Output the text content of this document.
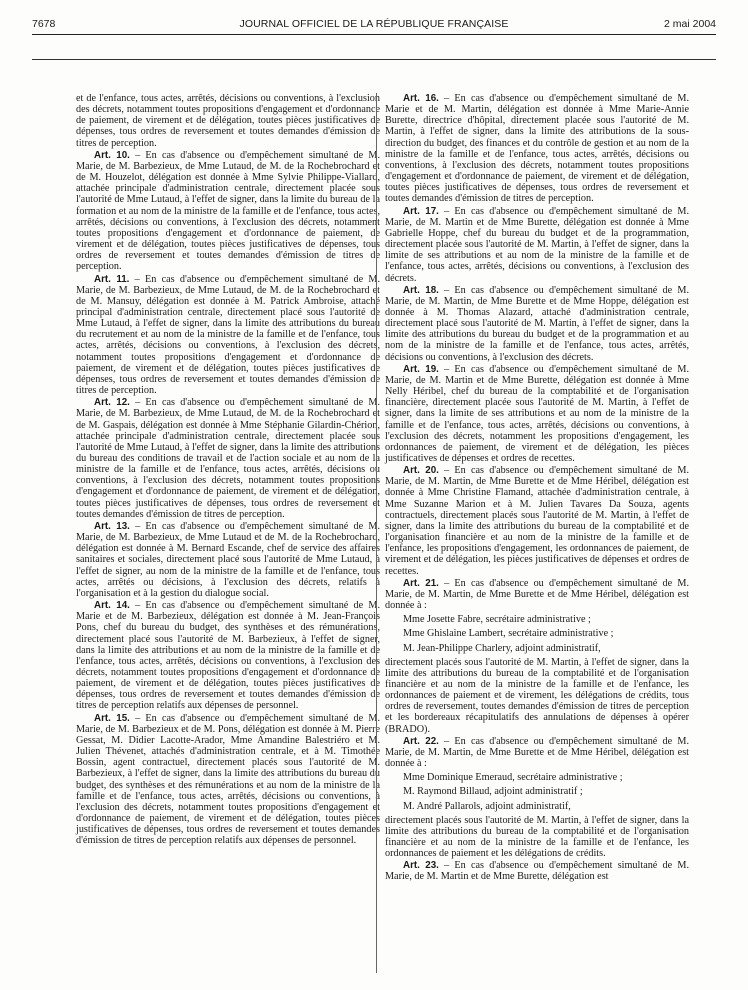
7678	JOURNAL OFFICIEL DE LA RÉPUBLIQUE FRANÇAISE	2 mai 2004

et de l'enfance, tous actes, arrêtés, décisions ou conventions, à l'exclusion des décrets, notamment toutes propositions d'engagement et d'ordonnance de paiement, de virement et de délégation, toutes pièces justificatives de dépenses, tous ordres de reversement et toutes demandes d'émission de titres de perception.

Art. 10. – En cas d'absence ou d'empêchement simultané de M. Marie, de M. Barbezieux, de Mme Lutaud, de M. de la Rochebrochard et de M. Houzelot, délégation est donnée à Mme Sylvie Philippe-Viallard, attachée principale d'administration centrale, directement placée sous l'autorité de Mme Lutaud, à l'effet de signer, dans la limite du bureau de la formation et au nom de la ministre de la famille et de l'enfance, tous actes, arrêtés, décisions ou conventions, à l'exclusion des décrets, notamment toutes propositions d'engagement et d'ordonnance de paiement, de virement et de délégation, toutes pièces justificatives de dépenses, tous ordres de reversement et toutes demandes d'émission de titres de perception.

Art. 11. – En cas d'absence ou d'empêchement simultané de M. Marie, de M. Barbezieux, de Mme Lutaud, de M. de la Rochebrochard et de M. Mansuy, délégation est donnée à M. Patrick Ambroise, attaché principal d'administration centrale, directement placé sous l'autorité de Mme Lutaud, à l'effet de signer, dans la limite des attributions du bureau du recrutement et au nom de la ministre de la famille et de l'enfance, tous actes, arrêtés, décisions ou conventions, à l'exclusion des décrets, notamment toutes propositions d'engagement et d'ordonnance de paiement, de virement et de délégation, toutes pièces justificatives de dépenses, tous ordres de reversement et toutes demandes d'émission de titres de perception.

Art. 12. – En cas d'absence ou d'empêchement simultané de M. Marie, de M. Barbezieux, de Mme Lutaud, de M. de la Rochebrochard et de M. Gaspais, délégation est donnée à Mme Stéphanie Gilardin-Chérion, attachée principale d'administration centrale, directement placée sous l'autorité de Mme Lutaud, à l'effet de signer, dans la limite des attributions du bureau des conditions de travail et de l'action sociale et au nom de la ministre de la famille et de l'enfance, tous actes, arrêtés, décisions ou conventions, à l'exclusion des décrets, notamment toutes propositions d'engagement et d'ordonnance de paiement, de virement et de délégation, toutes pièces justificatives de dépenses, tous ordres de reversement et toutes demandes d'émission de titres de perception.

Art. 13. – En cas d'absence ou d'empêchement simultané de M. Marie, de M. Barbezieux, de Mme Lutaud et de M. de la Rochebrochard, délégation est donnée à M. Bernard Escande, chef de service des affaires sanitaires et sociales, directement placé sous l'autorité de Mme Lutaud, à l'effet de signer, au nom de la ministre de la famille et de l'enfance, tous actes, arrêtés ou décisions, à l'exclusion des décrets, relatifs à l'organisation et à la gestion du dialogue social.

Art. 14. – En cas d'absence ou d'empêchement simultané de M. Marie et de M. Barbezieux, délégation est donnée à M. Jean-François Pons, chef du bureau du budget, des synthèses et des rémunérations, directement placé sous l'autorité de M. Barbezieux, à l'effet de signer, dans la limite des attributions et au nom de la ministre de la famille et de l'enfance, tous actes, arrêtés, décisions ou conventions, à l'exclusion des décrets, notamment toutes propositions d'engagement et d'ordonnance de paiement, de virement et de délégation, toutes pièces justificatives de dépenses, tous ordres de reversement et toutes demandes d'émission de titres de perception relatifs aux dépenses de personnel.

Art. 15. – En cas d'absence ou d'empêchement simultané de M. Marie, de M. Barbezieux et de M. Pons, délégation est donnée à M. Pierre Gessat, M. Didier Lacotte-Arador, Mme Amandine Balestriéro et M. Julien Thévenet, attachés d'administration centrale, et à M. Timothée Bossin, agent contractuel, directement placés sous l'autorité de M. Barbezieux, à l'effet de signer, dans la limite des attributions du bureau du budget, des synthèses et des rémunérations et au nom de la ministre de la famille et de l'enfance, tous actes, arrêtés, décisions ou conventions, à l'exclusion des décrets, notamment toutes propositions d'engagement et d'ordonnance de paiement, de virement et de délégation, toutes pièces justificatives de dépenses, tous ordres de reversement et toutes demandes d'émission de titres de perception relatifs aux dépenses de personnel.

Art. 16. – En cas d'absence ou d'empêchement simultané de M. Marie et de M. Martin, délégation est donnée à Mme Marie-Annie Burette, directrice d'hôpital, directement placée sous l'autorité de M. Martin, à l'effet de signer, dans la limite des attributions de la sous-direction du budget, des finances et du contrôle de gestion et au nom de la ministre de la famille et de l'enfance, tous actes, arrêtés, décisions ou conventions, à l'exclusion des décrets, notamment toutes propositions d'engagement et d'ordonnance de paiement, de virement et de délégation, toutes pièces justificatives de dépenses, tous ordres de reversement et toutes demandes d'émission de titres de perception.

Art. 17. – En cas d'absence ou d'empêchement simultané de M. Marie, de M. Martin et de Mme Burette, délégation est donnée à Mme Gabrielle Hoppe, chef du bureau du budget et de la programmation, directement placée sous l'autorité de M. Martin, à l'effet de signer, dans la limite de ses attributions et au nom de la ministre de la famille et de l'enfance, tous actes, arrêtés, décisions ou conventions, à l'exclusion des décrets.

Art. 18. – En cas d'absence ou d'empêchement simultané de M. Marie, de M. Martin, de Mme Burette et de Mme Hoppe, délégation est donnée à M. Thomas Alazard, attaché d'administration centrale, directement placé sous l'autorité de M. Martin, à l'effet de signer, dans la limite des attributions du bureau du budget et de la programmation et au nom de la ministre de la famille et de l'enfance, tous actes, arrêtés, décisions ou conventions, à l'exclusion des décrets.

Art. 19. – En cas d'absence ou d'empêchement simultané de M. Marie, de M. Martin et de Mme Burette, délégation est donnée à Mme Nelly Héribel, chef du bureau de la comptabilité et de l'organisation financière, directement placée sous l'autorité de M. Martin, à l'effet de signer, dans la limite de ses attributions et au nom de la ministre de la famille et de l'enfance, tous actes, arrêtés, décisions ou conventions, à l'exclusion des décrets, notamment les propositions d'engagement, les ordonnances de paiement, de virement et de délégation, les pièces justificatives de dépenses et ordres de recettes.

Art. 20. – En cas d'absence ou d'empêchement simultané de M. Marie, de M. Martin, de Mme Burette et de Mme Héribel, délégation est donnée à Mme Christine Flamand, attachée d'administration centrale, à Mme Suzanne Marion et à M. Julien Tavares Da Souza, agents contractuels, directement placés sous l'autorité de M. Martin, à l'effet de signer, dans la limite des attributions du bureau de la comptabilité et de l'organisation financière et au nom de la ministre de la famille et de l'enfance, les propositions d'engagement, les ordonnances de paiement, de virement et de délégation, les pièces justificatives de dépenses et ordres de recettes.

Art. 21. – En cas d'absence ou d'empêchement simultané de M. Marie, de M. Martin, de Mme Burette et de Mme Héribel, délégation est donnée à :

Mme Josette Fabre, secrétaire administrative ;

Mme Ghislaine Lambert, secrétaire administrative ;

M. Jean-Philippe Charlery, adjoint administratif,

directement placés sous l'autorité de M. Martin, à l'effet de signer, dans la limite des attributions du bureau de la comptabilité et de l'organisation financière et au nom de la ministre de la famille et de l'enfance, les ordonnances de paiement et de virement, les délégations de crédits, tous ordres de reversement, toutes demandes d'émission de titres de perception et les bordereaux récapitulatifs des annulations de dépenses à opérer (BRADO).

Art. 22. – En cas d'absence ou d'empêchement simultané de M. Marie, de M. Martin, de Mme Burette et de Mme Héribel, délégation est donnée à :

Mme Dominique Emeraud, secrétaire administrative ;

M. Raymond Billaud, adjoint administratif ;

M. André Pallarols, adjoint administratif,

directement placés sous l'autorité de M. Martin, à l'effet de signer, dans la limite des attributions du bureau de la comptabilité et de l'organisation financière et au nom de la ministre de la famille et de l'enfance, les ordonnances de paiement et les délégations de crédits.

Art. 23. – En cas d'absence ou d'empêchement simultané de M. Marie, de M. Martin et de Mme Burette, délégation est
